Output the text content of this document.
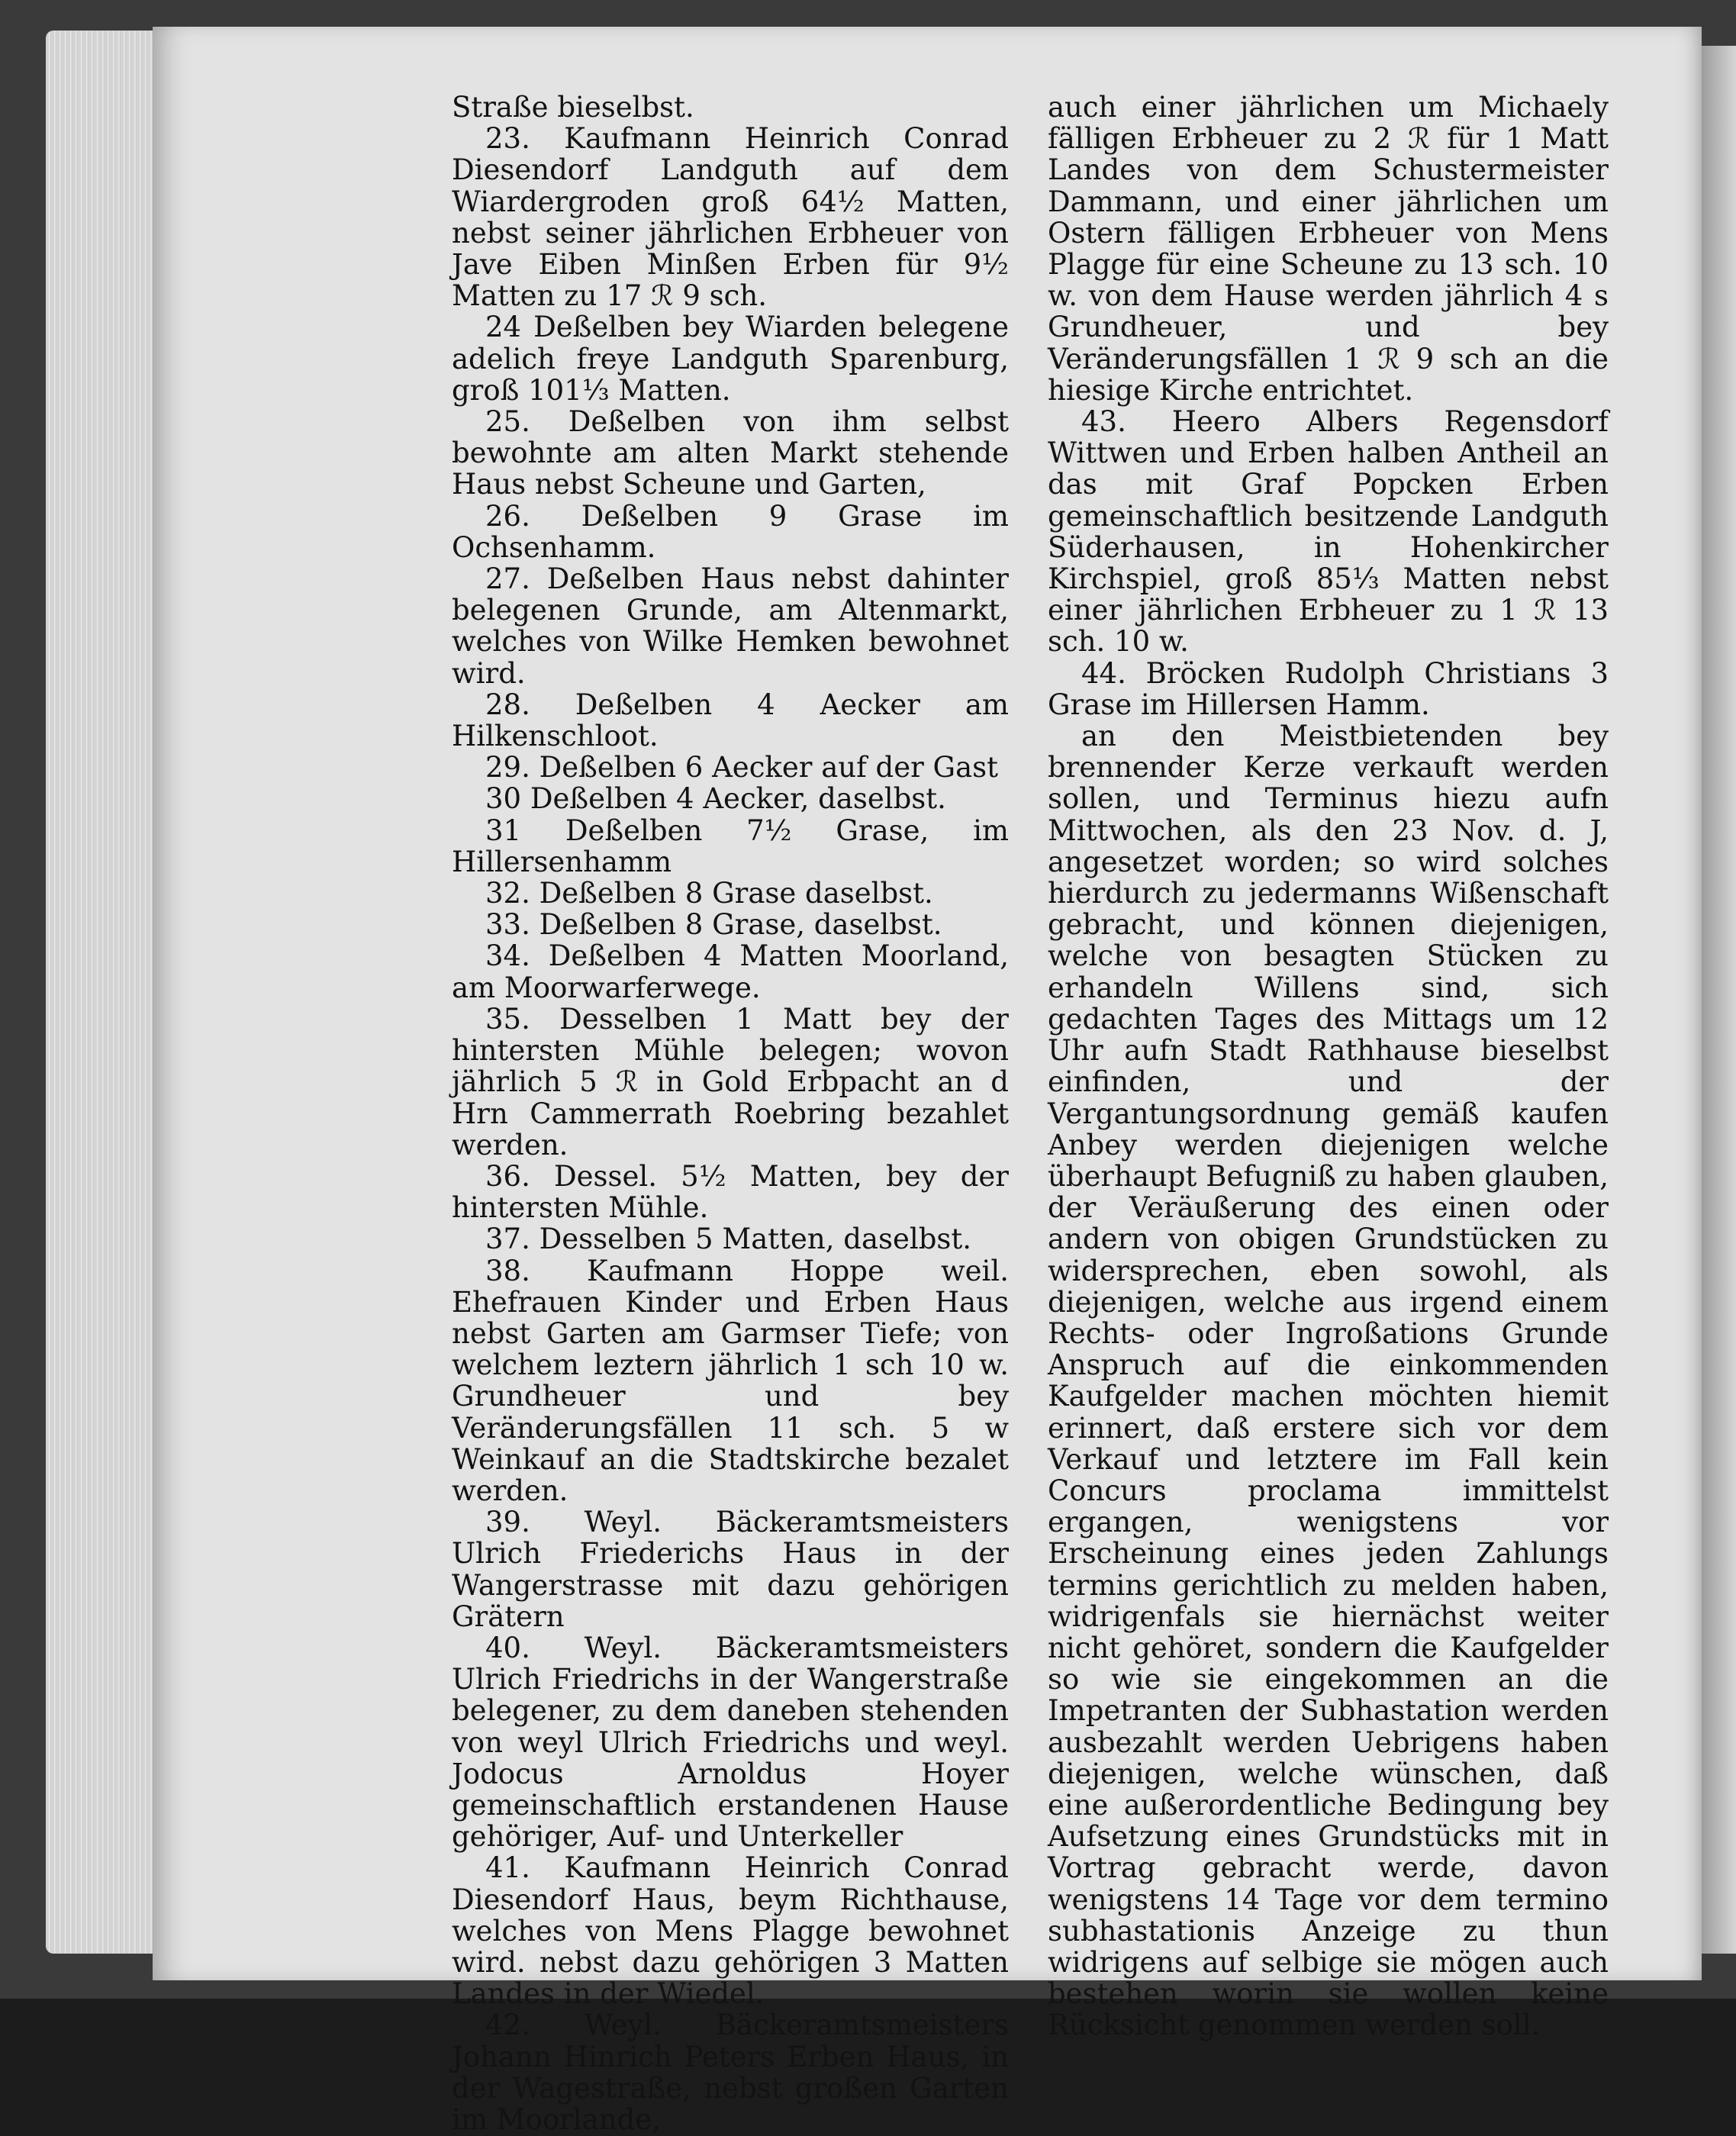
Straße bieselbst.

23. Kaufmann Heinrich Conrad Diesendorf Landguth auf dem Wiardergroden groß 64½ Matten, nebst seiner jährlichen Erbheuer von Jave Eiben Minßen Erben für 9½ Matten zu 17 ℛ 9 sch.

24 Deßelben bey Wiarden belegene adelich freye Landguth Sparenburg, groß 101⅓ Matten.

25. Deßelben von ihm selbst bewohnte am alten Markt stehende Haus nebst Scheune und Garten,

26. Deßelben 9 Grase im Ochsenhamm.

27. Deßelben Haus nebst dahinter belegenen Grunde, am Altenmarkt, welches von Wilke Hemken bewohnet wird.

28. Deßelben 4 Aecker am Hilkenschloot.

29. Deßelben 6 Aecker auf der Gast

30 Deßelben 4 Aecker, daselbst.

31 Deßelben 7½ Grase, im Hillersenhamm

32. Deßelben 8 Grase daselbst.

33. Deßelben 8 Grase, daselbst.

34. Deßelben 4 Matten Moorland, am Moorwarferwege.

35. Desselben 1 Matt bey der hintersten Mühle belegen; wovon jährlich 5 ℛ in Gold Erbpacht an d Hrn Cammerrath Roebring bezahlet werden.

36. Dessel. 5½ Matten, bey der hintersten Mühle.

37. Desselben 5 Matten, daselbst.

38. Kaufmann Hoppe weil. Ehefrauen Kinder und Erben Haus nebst Garten am Garmser Tiefe; von welchem leztern jährlich 1 sch 10 w. Grundheuer und bey Veränderungsfällen 11 sch. 5 w Weinkauf an die Stadtskirche bezalet werden.

39. Weyl. Bäckeramtsmeisters Ulrich Friederichs Haus in der Wangerstrasse mit dazu gehörigen Grätern

40. Weyl. Bäckeramtsmeisters Ulrich Friedrichs in der Wangerstraße belegener, zu dem daneben stehenden von weyl Ulrich Friedrichs und weyl. Jodocus Arnoldus Hoyer gemeinschaftlich erstandenen Hause gehöriger, Auf- und Unterkeller

41. Kaufmann Heinrich Conrad Diesendorf Haus, beym Richthause, welches von Mens Plagge bewohnet wird. nebst dazu gehörigen 3 Matten Landes in der Wiedel.

42. Weyl. Bäckeramtsmeisters Johann Hinrich Peters Erben Haus, in der Wagestraße, nebst großen Garten im Moorlande,

auch einer jährlichen um Michaely fälligen Erbheuer zu 2 ℛ für 1 Matt Landes von dem Schustermeister Dammann, und einer jährlichen um Ostern fälligen Erbheuer von Mens Plagge für eine Scheune zu 13 sch. 10 w. von dem Hause werden jährlich 4 s Grundheuer, und bey Veränderungsfällen 1 ℛ 9 sch an die hiesige Kirche entrichtet.

43. Heero Albers Regensdorf Wittwen und Erben halben Antheil an das mit Graf Popcken Erben gemeinschaftlich besitzende Landguth Süderhausen, in Hohenkircher Kirchspiel, groß 85⅓ Matten nebst einer jährlichen Erbheuer zu 1 ℛ 13 sch. 10 w.

44. Bröcken Rudolph Christians 3 Grase im Hillersen Hamm.

an den Meistbietenden bey brennender Kerze verkauft werden sollen, und Terminus hiezu aufn Mittwochen, als den 23 Nov. d. J, angesetzet worden; so wird solches hierdurch zu jedermanns Wißenschaft gebracht, und können diejenigen, welche von besagten Stücken zu erhandeln Willens sind, sich gedachten Tages des Mittags um 12 Uhr aufn Stadt Rathhause bieselbst einfinden, und der Vergantungsordnung gemäß kaufen Anbey werden diejenigen welche überhaupt Befugniß zu haben glauben, der Veräußerung des einen oder andern von obigen Grundstücken zu widersprechen, eben sowohl, als diejenigen, welche aus irgend einem Rechts- oder Ingroßations Grunde Anspruch auf die einkommenden Kaufgelder machen möchten hiemit erinnert, daß erstere sich vor dem Verkauf und letztere im Fall kein Concurs proclama immittelst ergangen, wenigstens vor Erscheinung eines jeden Zahlungs termins gerichtlich zu melden haben, widrigenfals sie hiernächst weiter nicht gehöret, sondern die Kaufgelder so wie sie eingekommen an die Impetranten der Subhastation werden ausbezahlt werden Uebrigens haben diejenigen, welche wünschen, daß eine außerordentliche Bedingung bey Aufsetzung eines Grundstücks mit in Vortrag gebracht werde, davon wenigstens 14 Tage vor dem termino subhastationis Anzeige zu thun widrigens auf selbige sie mögen auch bestehen worin sie wollen keine Rücksicht genommen werden soll.
